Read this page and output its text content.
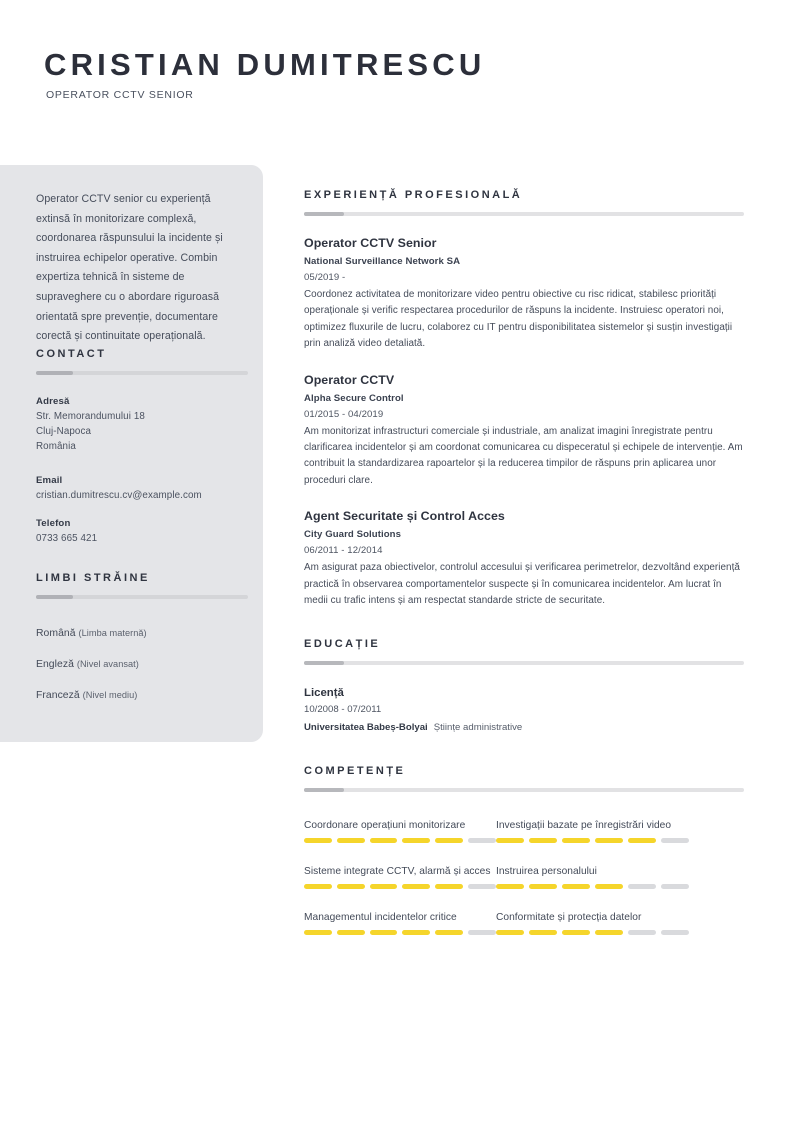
CRISTIAN DUMITRESCU
OPERATOR CCTV SENIOR
Operator CCTV senior cu experiență extinsă în monitorizare complexă, coordonarea răspunsului la incidente și instruirea echipelor operative. Combin expertiza tehnică în sisteme de supraveghere cu o abordare riguroasă orientată spre prevenție, documentare corectă și continuitate operațională.
CONTACT
Adresă
Str. Memorandumului 18
Cluj-Napoca
România
Email
cristian.dumitrescu.cv@example.com
Telefon
0733 665 421
LIMBI STRĂINE
Română (Limba maternă)
Engleză (Nivel avansat)
Franceză (Nivel mediu)
EXPERIENȚĂ PROFESIONALĂ
Operator CCTV Senior
National Surveillance Network SA
05/2019 -
Coordonez activitatea de monitorizare video pentru obiective cu risc ridicat, stabilesc priorități operaționale și verific respectarea procedurilor de răspuns la incidente. Instruiesc operatori noi, optimizez fluxurile de lucru, colaborez cu IT pentru disponibilitatea sistemelor și susțin investigații prin analiză video detaliată.
Operator CCTV
Alpha Secure Control
01/2015 - 04/2019
Am monitorizat infrastructuri comerciale și industriale, am analizat imagini înregistrate pentru clarificarea incidentelor și am coordonat comunicarea cu dispeceratul și echipele de intervenție. Am contribuit la standardizarea rapoartelor și la reducerea timpilor de răspuns prin aplicarea unor proceduri clare.
Agent Securitate și Control Acces
City Guard Solutions
06/2011 - 12/2014
Am asigurat paza obiectivelor, controlul accesului și verificarea perimetrelor, dezvoltând experiență practică în observarea comportamentelor suspecte și în comunicarea incidentelor. Am lucrat în medii cu trafic intens și am respectat standarde stricte de securitate.
EDUCAȚIE
Licență
10/2008 - 07/2011
Universitatea Babeș-Bolyai Științe administrative
COMPETENȚE
Coordonare operațiuni monitorizare	Investigații bazate pe înregistrări video
Sisteme integrate CCTV, alarmă și acces Instruirea personalului
Managementul incidentelor critice	Conformitate și protecția datelor
